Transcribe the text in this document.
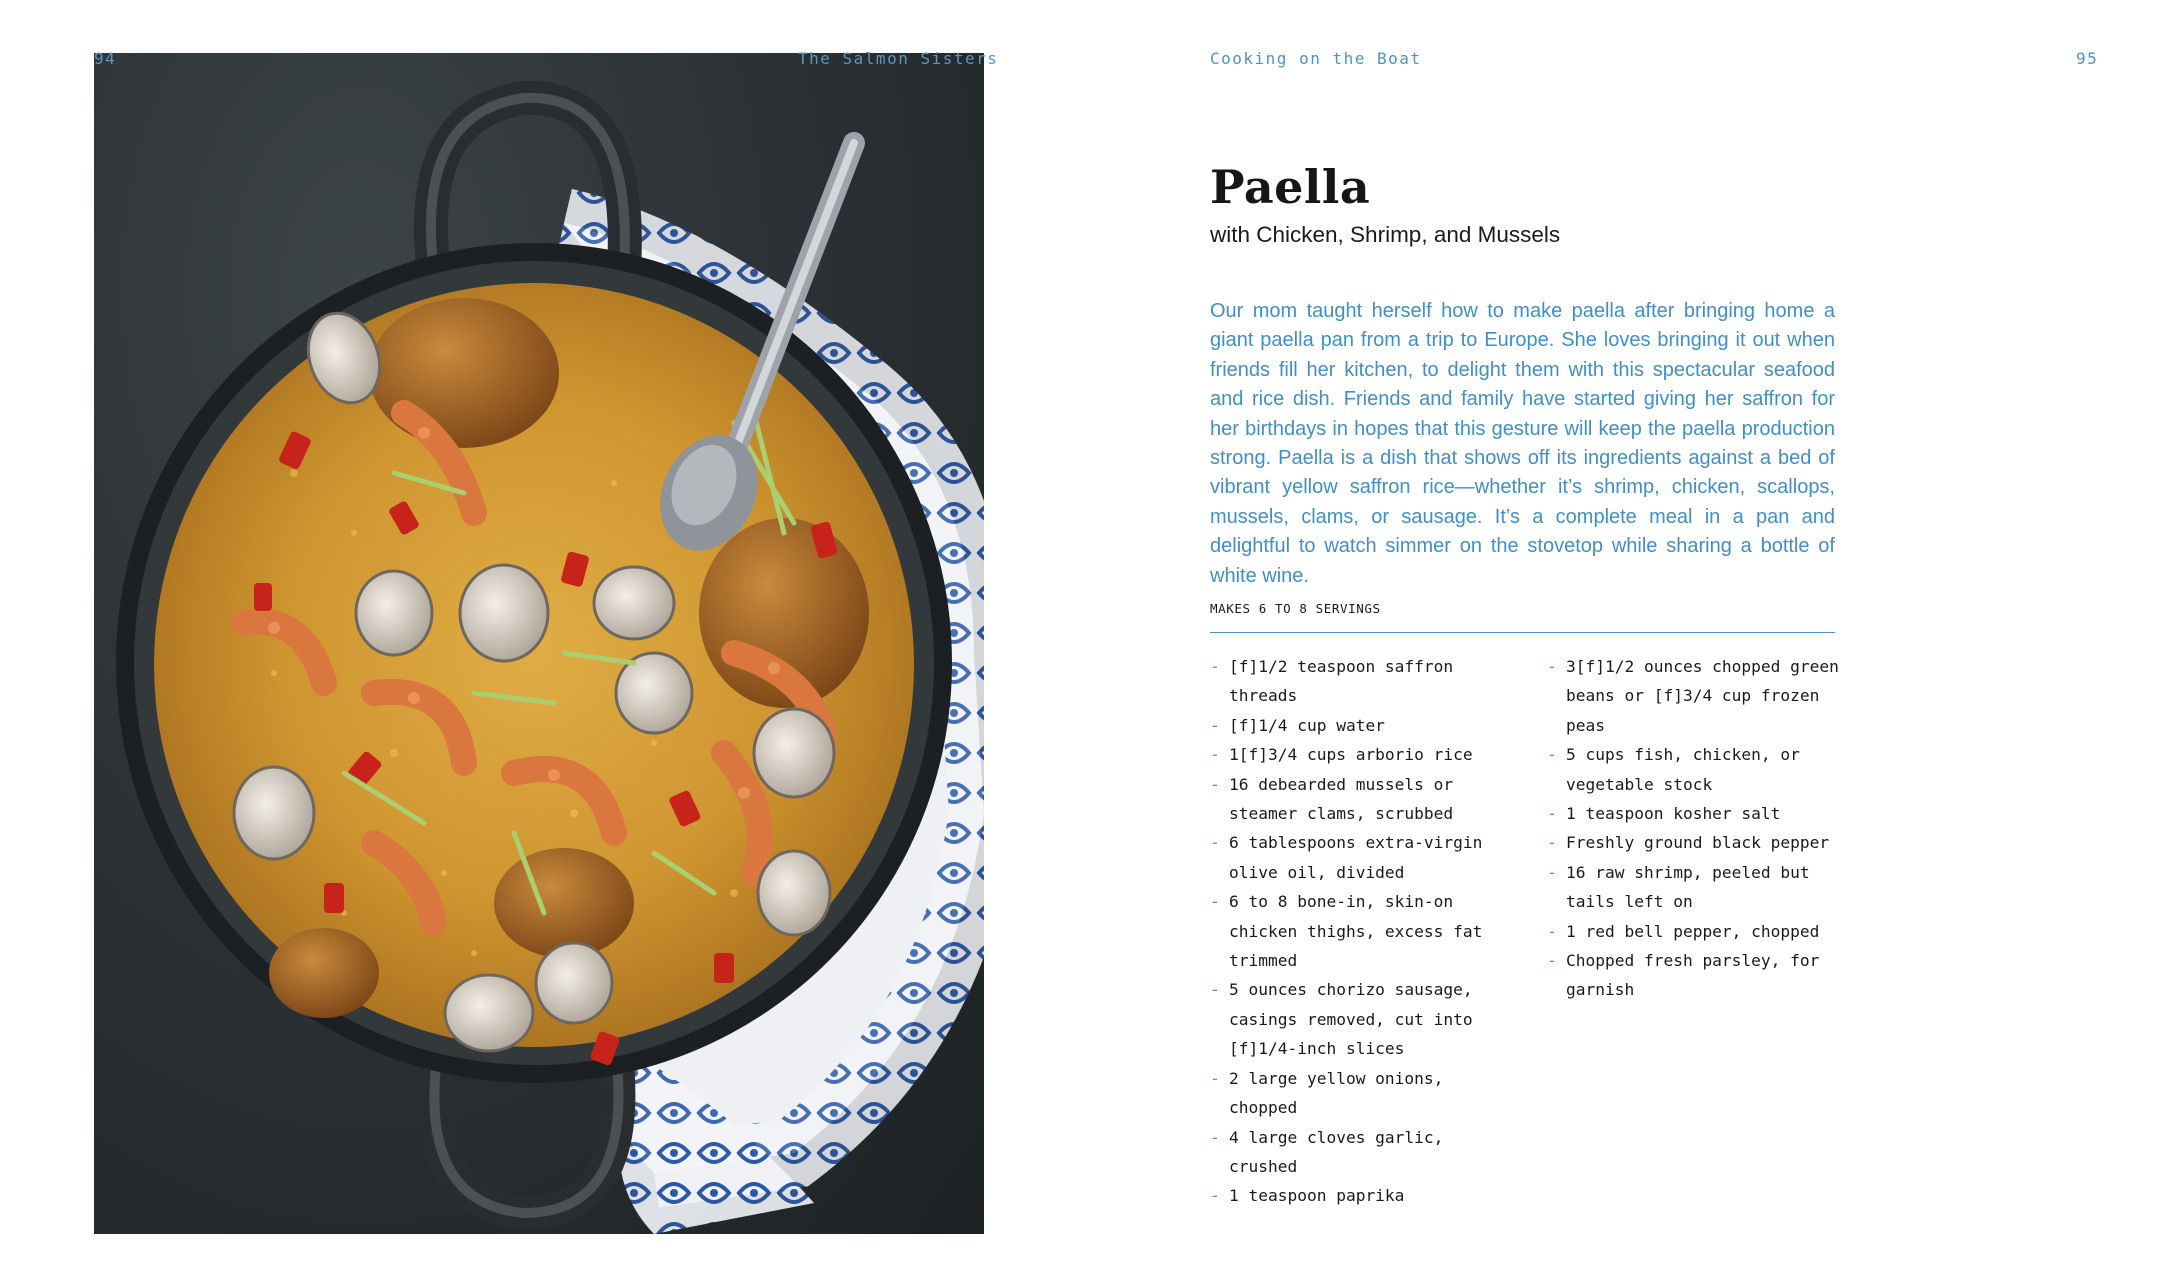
94	The Salmon Sisters	Cooking on the Boat	95
Paella
with Chicken, Shrimp, and Mussels

Our mom taught herself how to make paella after bringing home a giant paella pan from a trip to Europe. She loves bringing it out when friends fill her kitchen, to delight them with this spectacular seafood and rice dish. Friends and family have started giving her saffron for her birthdays in hopes that this gesture will keep the paella production strong. Paella is a dish that shows off its ingredients against a bed of vibrant yellow saffron rice—whether it’s shrimp, chicken, scallops, mussels, clams, or sausage. It’s a complete meal in a pan and delightful to watch simmer on the stovetop while sharing a bottle of white wine.

MAKES 6 TO 8 SERVINGS
- [f]1/2 teaspoon saffron threads
- [f]1/4 cup water
- 1[f]3/4 cups arborio rice
- 16 debearded mussels or steamer clams, scrubbed
- 6 tablespoons extra-virgin olive oil, divided
- 6 to 8 bone-in, skin-on chicken thighs, excess fat trimmed
- 5 ounces chorizo sausage, casings removed, cut into [f]1/4-inch slices
- 2 large yellow onions, chopped
- 4 large cloves garlic, crushed
- 1 teaspoon paprika
- 3[f]1/2 ounces chopped green beans or [f]3/4 cup frozen peas
- 5 cups fish, chicken, or vegetable stock
- 1 teaspoon kosher salt
- Freshly ground black pepper
- 16 raw shrimp, peeled but tails left on
- 1 red bell pepper, chopped
- Chopped fresh parsley, for garnish
